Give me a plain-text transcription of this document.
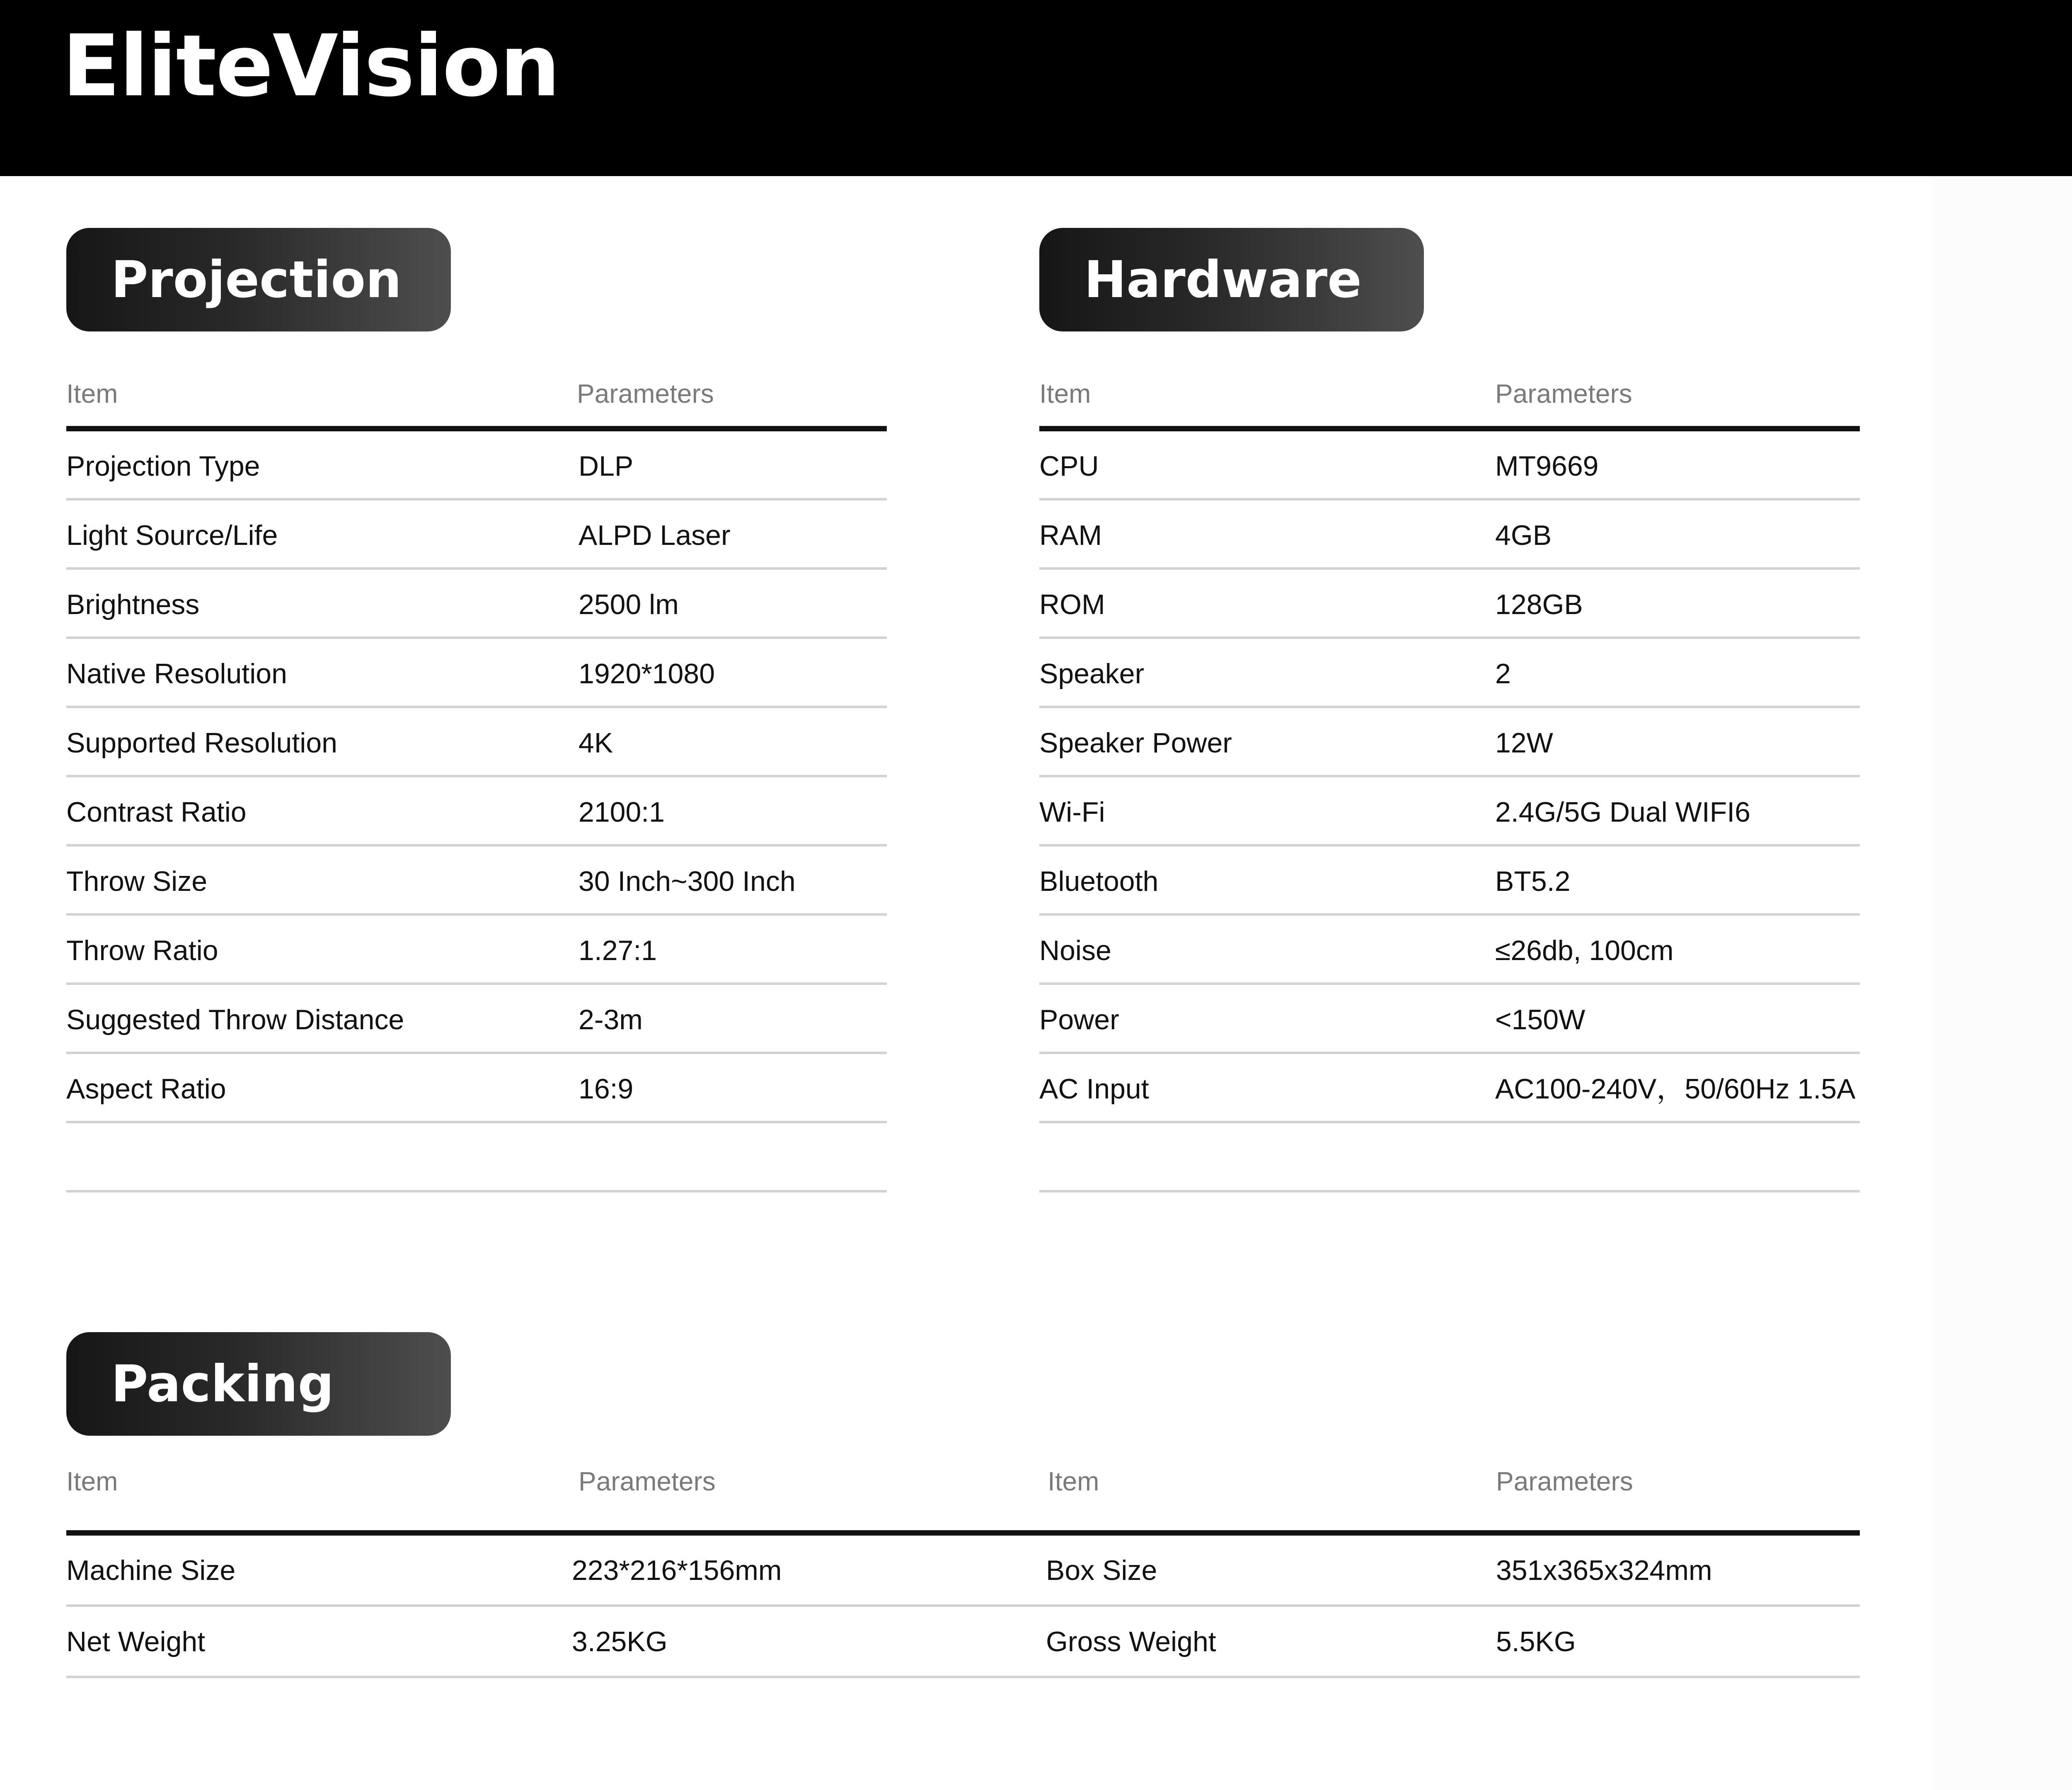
EliteVision
Projection
Item	Parameters
Projection Type	DLP
Light Source/Life	ALPD Laser
Brightness	2500 lm
Native Resolution	1920*1080
Supported Resolution	4K
Contrast Ratio	2100:1
Throw Size	30 Inch~300 Inch
Throw Ratio	1.27:1
Suggested Throw Distance	2-3m
Aspect Ratio	16:9
Hardware
Item	Parameters
CPU	MT9669
RAM	4GB
ROM	128GB
Speaker	2
Speaker Power	12W
Wi-Fi	2.4G/5G Dual WIFI6
Bluetooth	BT5.2
Noise	≤26db, 100cm
Power	<150W
AC Input	AC100-240V，50/60Hz 1.5A
Packing
Item	Parameters	Item	Parameters
Machine Size	223*216*156mm	Box Size	351x365x324mm
Net Weight	3.25KG	Gross Weight	5.5KG
